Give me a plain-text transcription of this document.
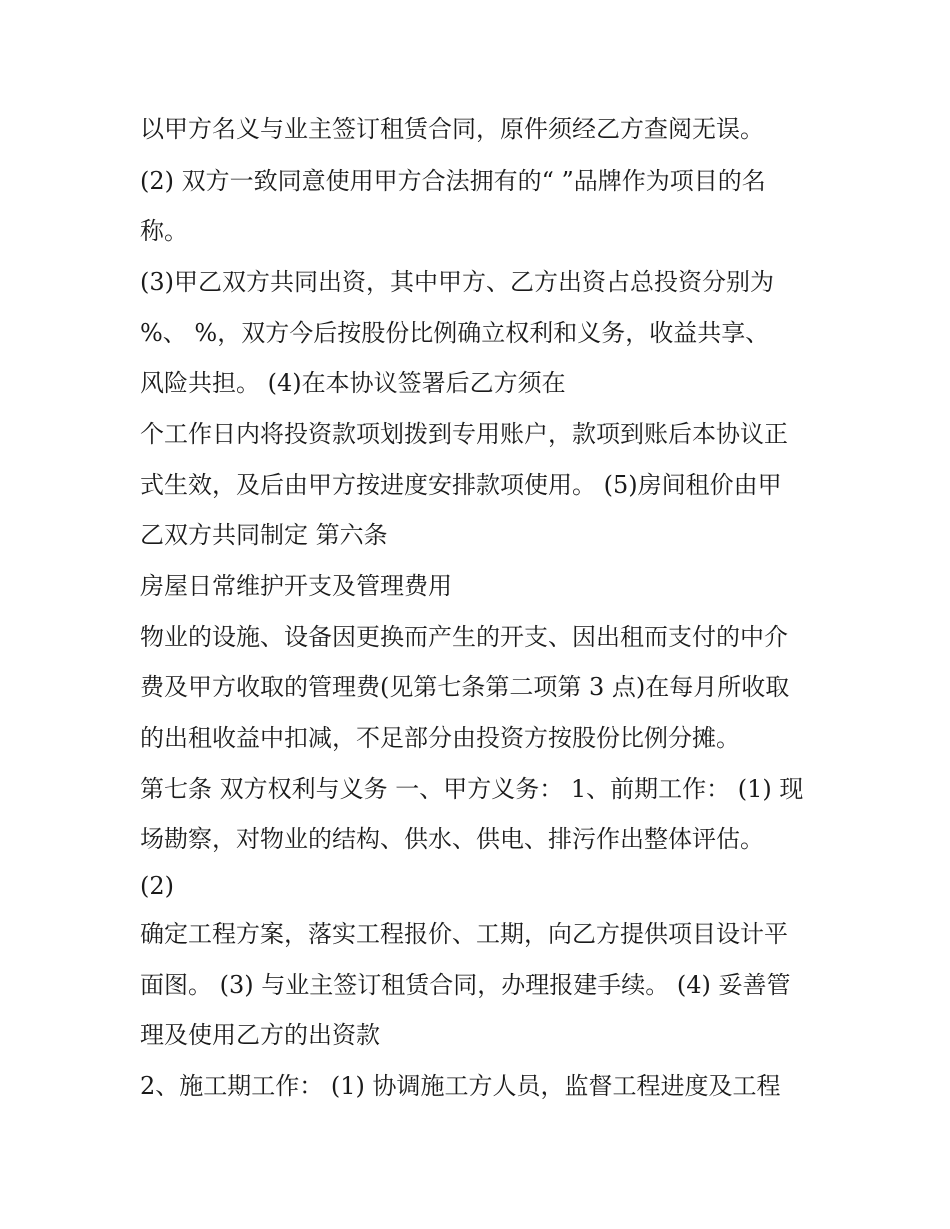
以甲方名义与业主签订租赁合同，原件须经乙方查阅无误。
(2) 双方一致同意使用甲方合法拥有的“ ”品牌作为项目的名
称。
(3)甲乙双方共同出资，其中甲方、乙方出资占总投资分别为
%、 %，双方今后按股份比例确立权利和义务，收益共享、
风险共担。 (4)在本协议签署后乙方须在
个工作日内将投资款项划拨到专用账户，款项到账后本协议正
式生效，及后由甲方按进度安排款项使用。 (5)房间租价由甲
乙双方共同制定 第六条
房屋日常维护开支及管理费用
物业的设施、设备因更换而产生的开支、因出租而支付的中介
费及甲方收取的管理费(见第七条第二项第 3 点)在每月所收取
的出租收益中扣减，不足部分由投资方按股份比例分摊。
第七条 双方权利与义务 一、甲方义务： 1、前期工作： (1) 现
场勘察，对物业的结构、供水、供电、排污作出整体评估。
(2)
确定工程方案，落实工程报价、工期，向乙方提供项目设计平
面图。 (3) 与业主签订租赁合同，办理报建手续。 (4) 妥善管
理及使用乙方的出资款
2、施工期工作： (1) 协调施工方人员，监督工程进度及工程
